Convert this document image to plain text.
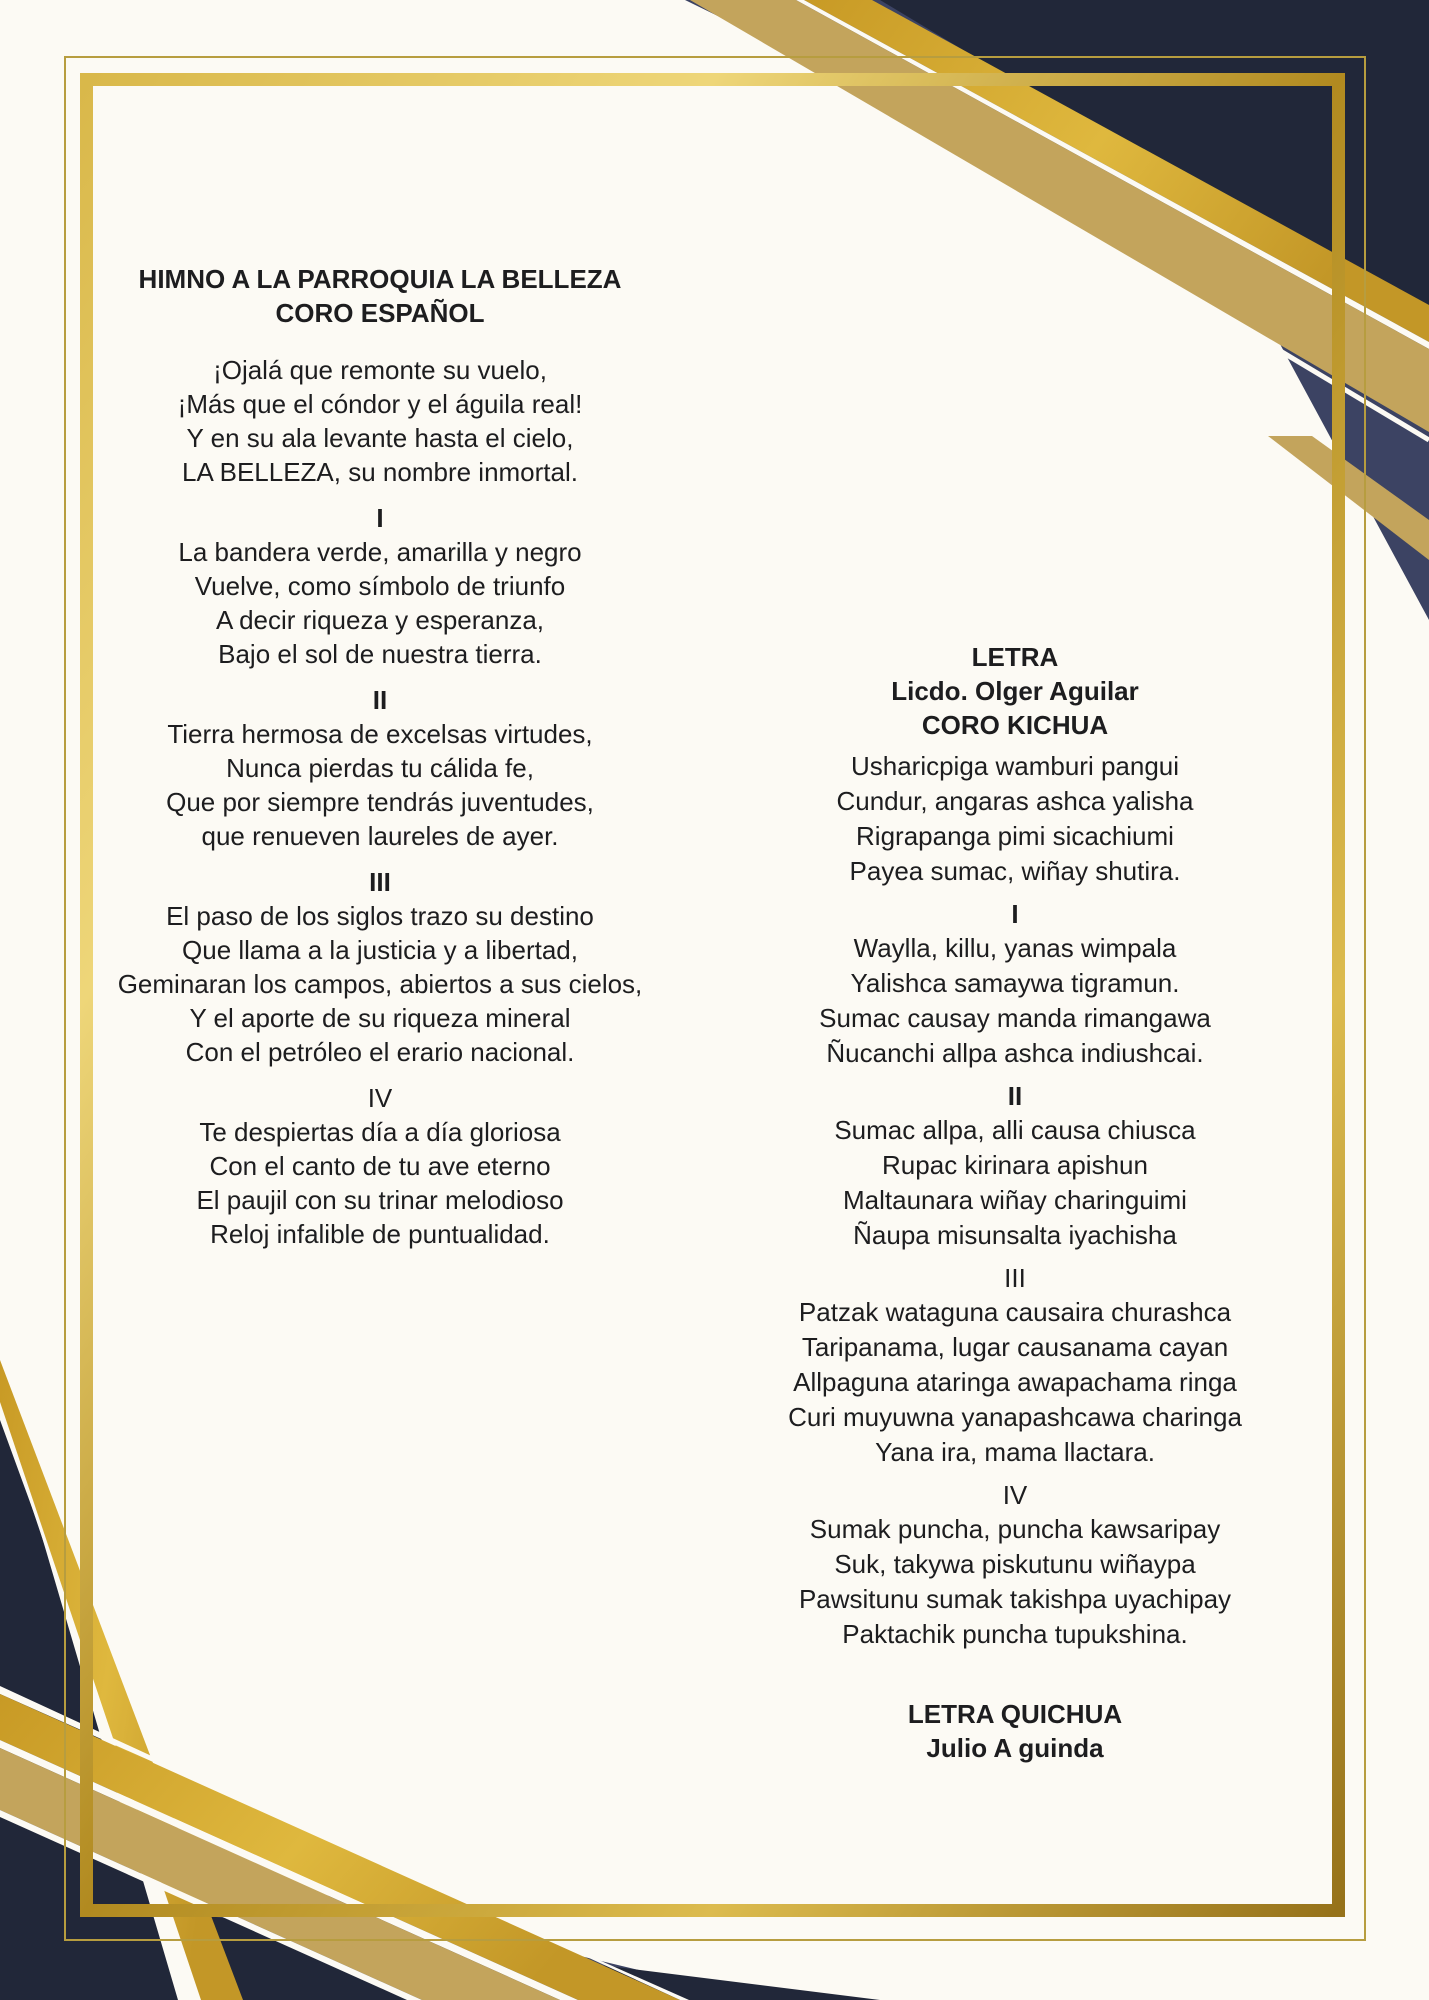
HIMNO A LA PARROQUIA LA BELLEZA

CORO ESPAÑOL

¡Ojalá que remonte su vuelo,
¡Más que el cóndor y el águila real!
Y en su ala levante hasta el cielo,
LA BELLEZA, su nombre inmortal.

I

La bandera verde, amarilla y negro
Vuelve, como símbolo de triunfo
A decir riqueza y esperanza,
Bajo el sol de nuestra tierra.

II

Tierra hermosa de excelsas virtudes,
Nunca pierdas tu cálida fe,
Que por siempre tendrás juventudes,
que renueven laureles de ayer.

III

El paso de los siglos trazo su destino
Que llama a la justicia y a libertad,
Geminaran los campos, abiertos a sus cielos,
Y el aporte de su riqueza mineral
Con el petróleo el erario nacional.

IV

Te despiertas día a día gloriosa
Con el canto de tu ave eterno
El paujil con su trinar melodioso
Reloj infalible de puntualidad.

LETRA

Licdo. Olger Aguilar

CORO KICHUA

Usharicpiga wamburi pangui
Cundur, angaras ashca yalisha
Rigrapanga pimi sicachiumi
Payea sumac, wiñay shutira.

I

Waylla, killu, yanas wimpala
Yalishca samaywa tigramun.
Sumac causay manda rimangawa
Ñucanchi allpa ashca indiushcai.

II

Sumac allpa, alli causa chiusca
Rupac kirinara apishun
Maltaunara wiñay charinguimi
Ñaupa misunsalta iyachisha

III

Patzak wataguna causaira churashca
Taripanama, lugar causanama cayan
Allpaguna ataringa awapachama ringa
Curi muyuwna yanapashcawa charinga
Yana ira, mama llactara.

IV

Sumak puncha, puncha kawsaripay
Suk, takywa piskutunu wiñaypa
Pawsitunu sumak takishpa uyachipay
Paktachik puncha tupukshina.

LETRA QUICHUA

Julio A guinda
